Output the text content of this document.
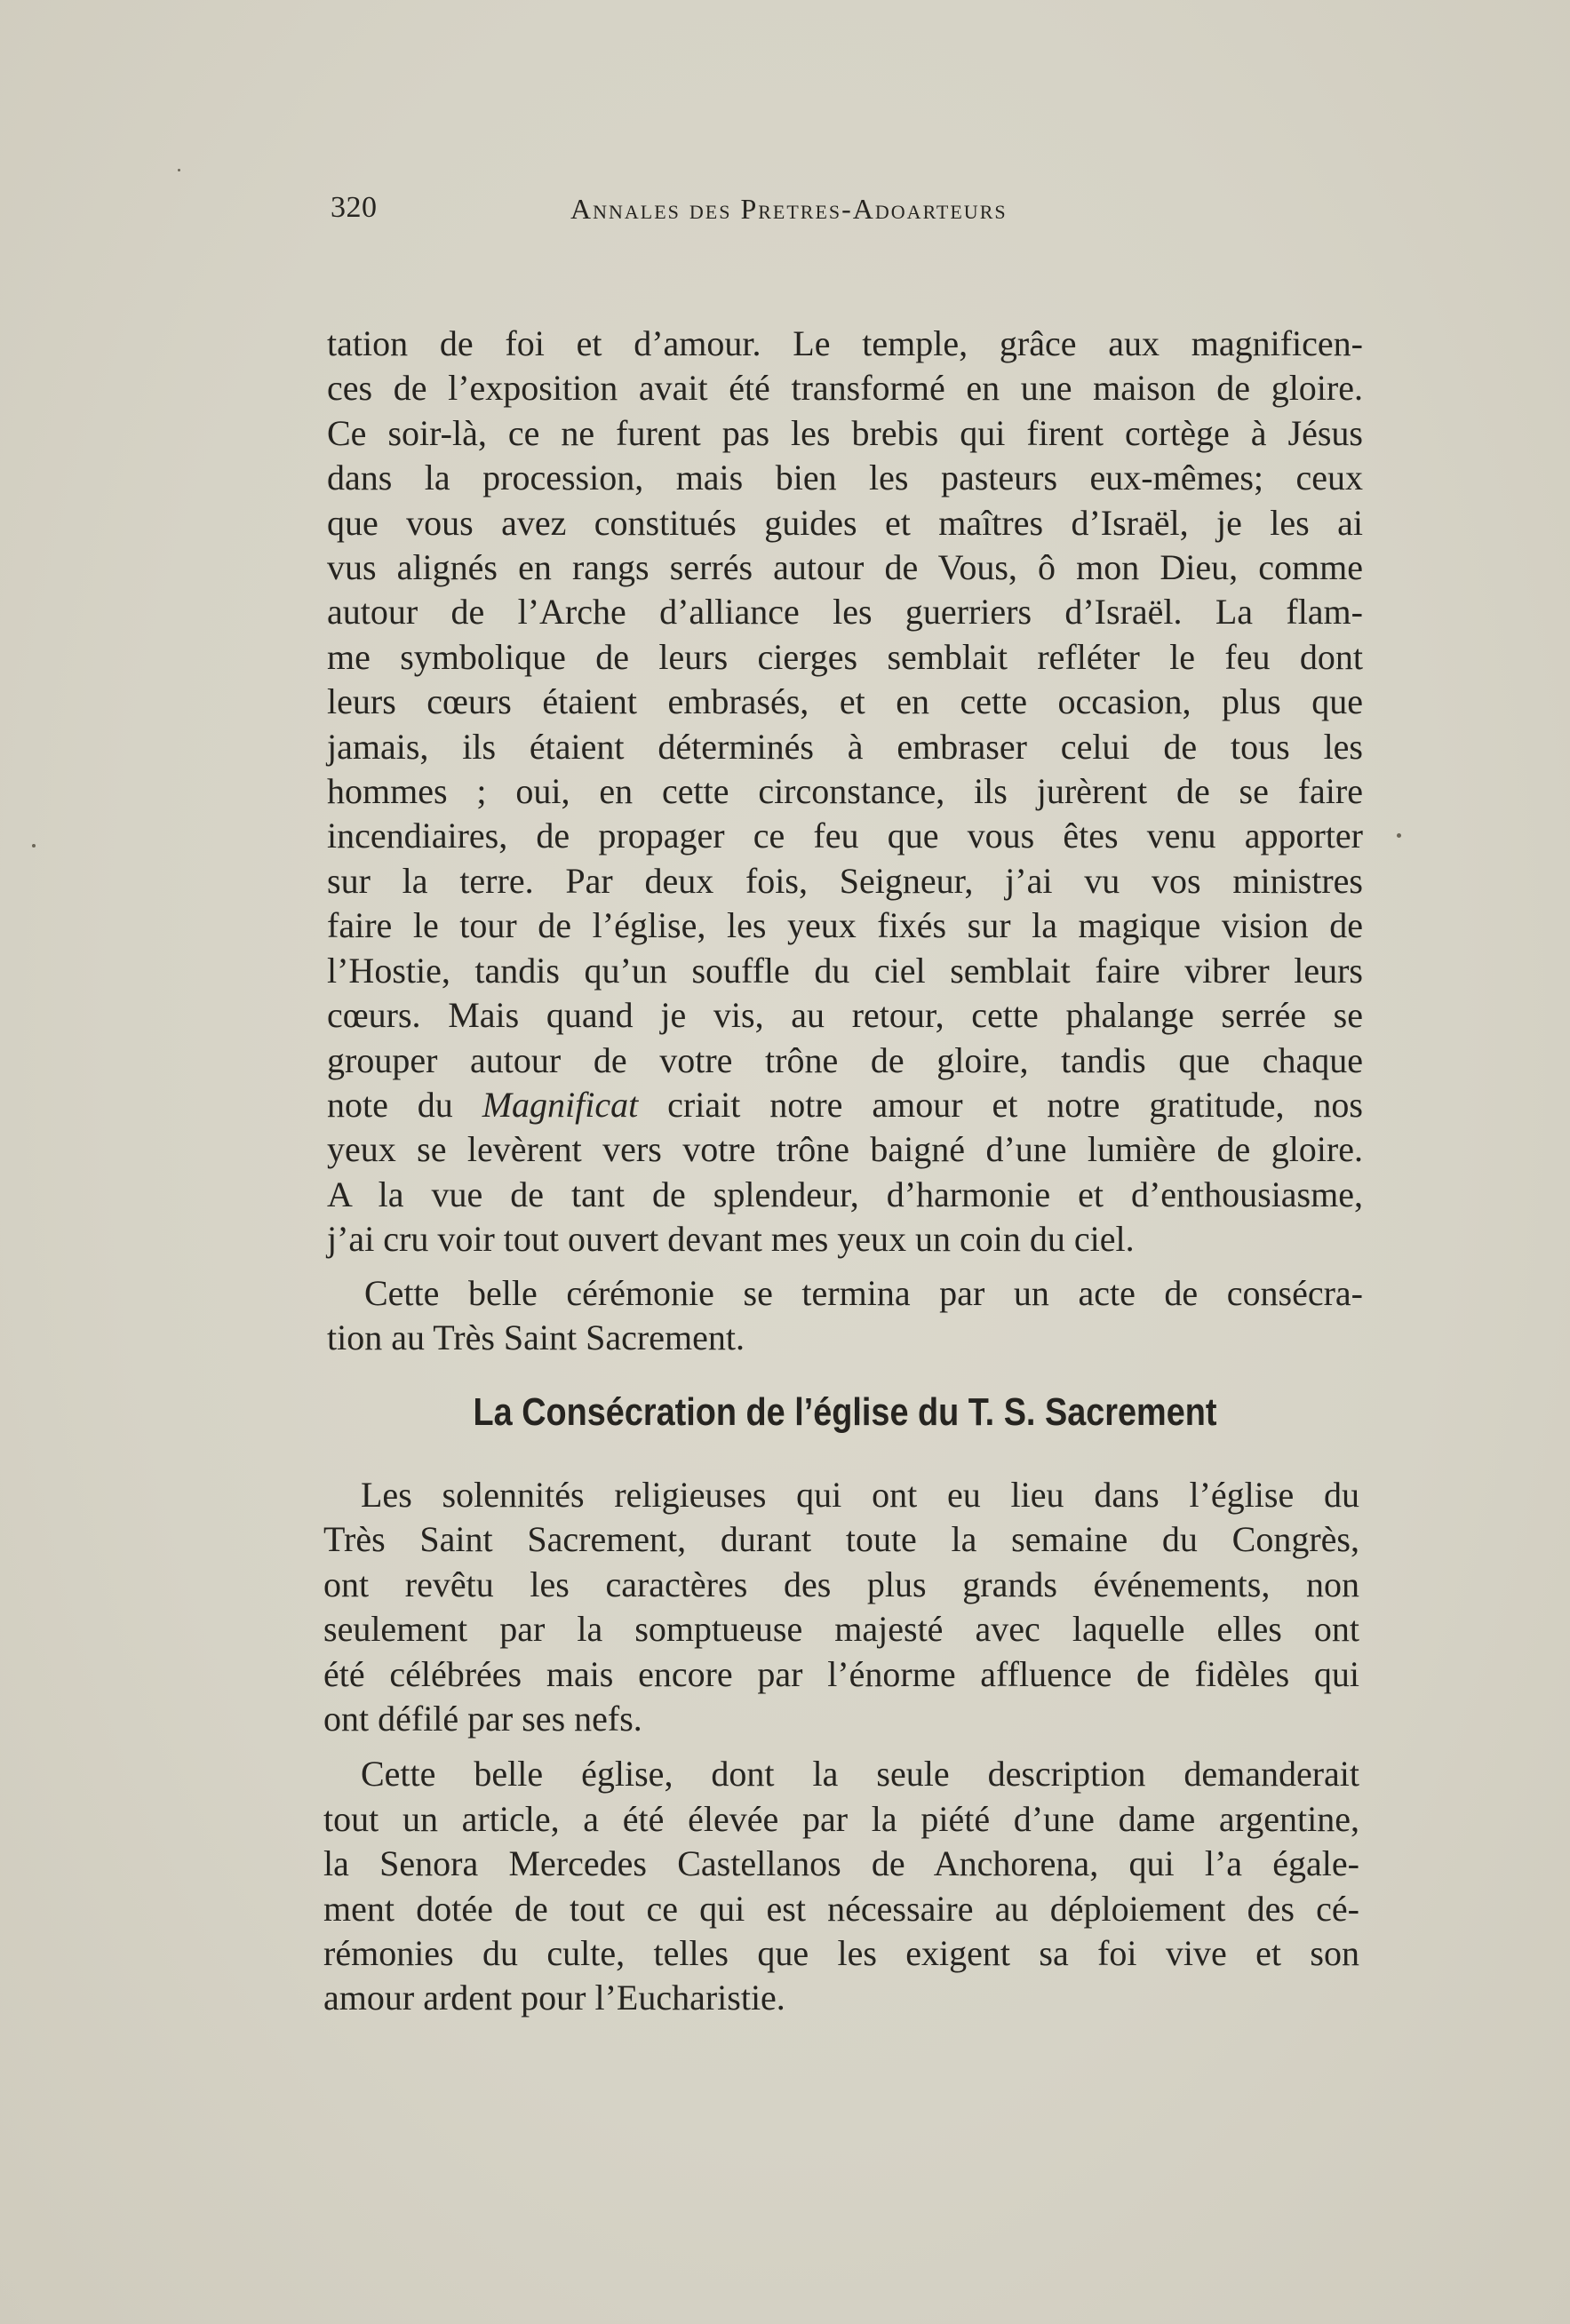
320	Annales des Pretres-Adoarteurs

tation de foi et d’amour. Le temple, grâce aux magnificen-
ces de l’exposition avait été transformé en une maison de gloire.
Ce soir-là, ce ne furent pas les brebis qui firent cortège à Jésus
dans la procession, mais bien les pasteurs eux-mêmes; ceux
que vous avez constitués guides et maîtres d’Israël, je les ai
vus alignés en rangs serrés autour de Vous, ô mon Dieu, comme
autour de l’Arche d’alliance les guerriers d’Israël. La flam-
me symbolique de leurs cierges semblait refléter le feu dont
leurs cœurs étaient embrasés, et en cette occasion, plus que
jamais, ils étaient déterminés à embraser celui de tous les
hommes ; oui, en cette circonstance, ils jurèrent de se faire
incendiaires, de propager ce feu que vous êtes venu apporter
sur la terre. Par deux fois, Seigneur, j’ai vu vos ministres
faire le tour de l’église, les yeux fixés sur la magique vision de
l’Hostie, tandis qu’un souffle du ciel semblait faire vibrer leurs
cœurs. Mais quand je vis, au retour, cette phalange serrée se
grouper autour de votre trône de gloire, tandis que chaque
note du Magnificat criait notre amour et notre gratitude, nos
yeux se levèrent vers votre trône baigné d’une lumière de gloire.
A la vue de tant de splendeur, d’harmonie et d’enthousiasme,
j’ai cru voir tout ouvert devant mes yeux un coin du ciel.

Cette belle cérémonie se termina par un acte de consécra-
tion au Très Saint Sacrement.

La Consécration de l’église du T. S. Sacrement

Les solennités religieuses qui ont eu lieu dans l’église du
Très Saint Sacrement, durant toute la semaine du Congrès,
ont revêtu les caractères des plus grands événements, non
seulement par la somptueuse majesté avec laquelle elles ont
été célébrées mais encore par l’énorme affluence de fidèles qui
ont défilé par ses nefs.

Cette belle église, dont la seule description demanderait
tout un article, a été élevée par la piété d’une dame argentine,
la Senora Mercedes Castellanos de Anchorena, qui l’a égale-
ment dotée de tout ce qui est nécessaire au déploiement des cé-
rémonies du culte, telles que les exigent sa foi vive et son
amour ardent pour l’Eucharistie.
